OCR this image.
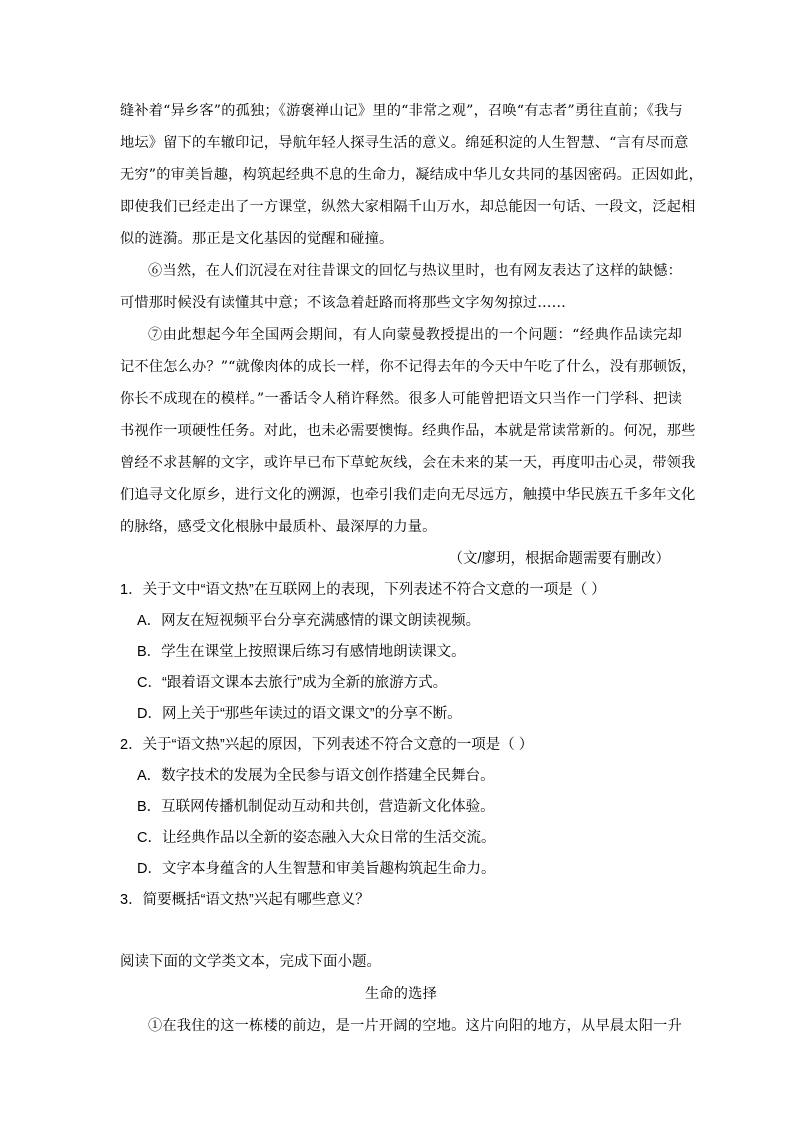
缝补着“异乡客”的孤独；《游褒禅山记》里的“非常之观”，召唤“有志者”勇往直前；《我与
地坛》留下的车辙印记，导航年轻人探寻生活的意义。绵延积淀的人生智慧、“言有尽而意
无穷”的审美旨趣，构筑起经典不息的生命力，凝结成中华儿女共同的基因密码。正因如此，
即使我们已经走出了一方课堂，纵然大家相隔千山万水，却总能因一句话、一段文，泛起相
似的涟漪。那正是文化基因的觉醒和碰撞。
⑥当然，在人们沉浸在对往昔课文的回忆与热议里时，也有网友表达了这样的缺憾：
可惜那时候没有读懂其中意；不该急着赶路而将那些文字匆匆掠过……
⑦由此想起今年全国两会期间，有人向蒙曼教授提出的一个问题：“经典作品读完却
记不住怎么办？”“就像肉体的成长一样，你不记得去年的今天中午吃了什么，没有那顿饭，
你长不成现在的模样。”一番话令人稍许释然。很多人可能曾把语文只当作一门学科、把读
书视作一项硬性任务。对此，也未必需要懊悔。经典作品，本就是常读常新的。何况，那些
曾经不求甚解的文字，或许早已布下草蛇灰线，会在未来的某一天，再度叩击心灵，带领我
们追寻文化原乡，进行文化的溯源，也牵引我们走向无尽远方，触摸中华民族五千多年文化
的脉络，感受文化根脉中最质朴、最深厚的力量。
（文/廖玥，根据命题需要有删改）
1．关于文中“语文热”在互联网上的表现，下列表述不符合文意的一项是（ ）
A．网友在短视频平台分享充满感情的课文朗读视频。
B．学生在课堂上按照课后练习有感情地朗读课文。
C．“跟着语文课本去旅行”成为全新的旅游方式。
D．网上关于“那些年读过的语文课文”的分享不断。
2．关于“语文热”兴起的原因，下列表述不符合文意的一项是（ ）
A．数字技术的发展为全民参与语文创作搭建全民舞台。
B．互联网传播机制促动互动和共创，营造新文化体验。
C．让经典作品以全新的姿态融入大众日常的生活交流。
D．文字本身蕴含的人生智慧和审美旨趣构筑起生命力。
3．简要概括“语文热”兴起有哪些意义？
阅读下面的文学类文本，完成下面小题。
生命的选择
①在我住的这一栋楼的前边，是一片开阔的空地。这片向阳的地方，从早晨太阳一升
